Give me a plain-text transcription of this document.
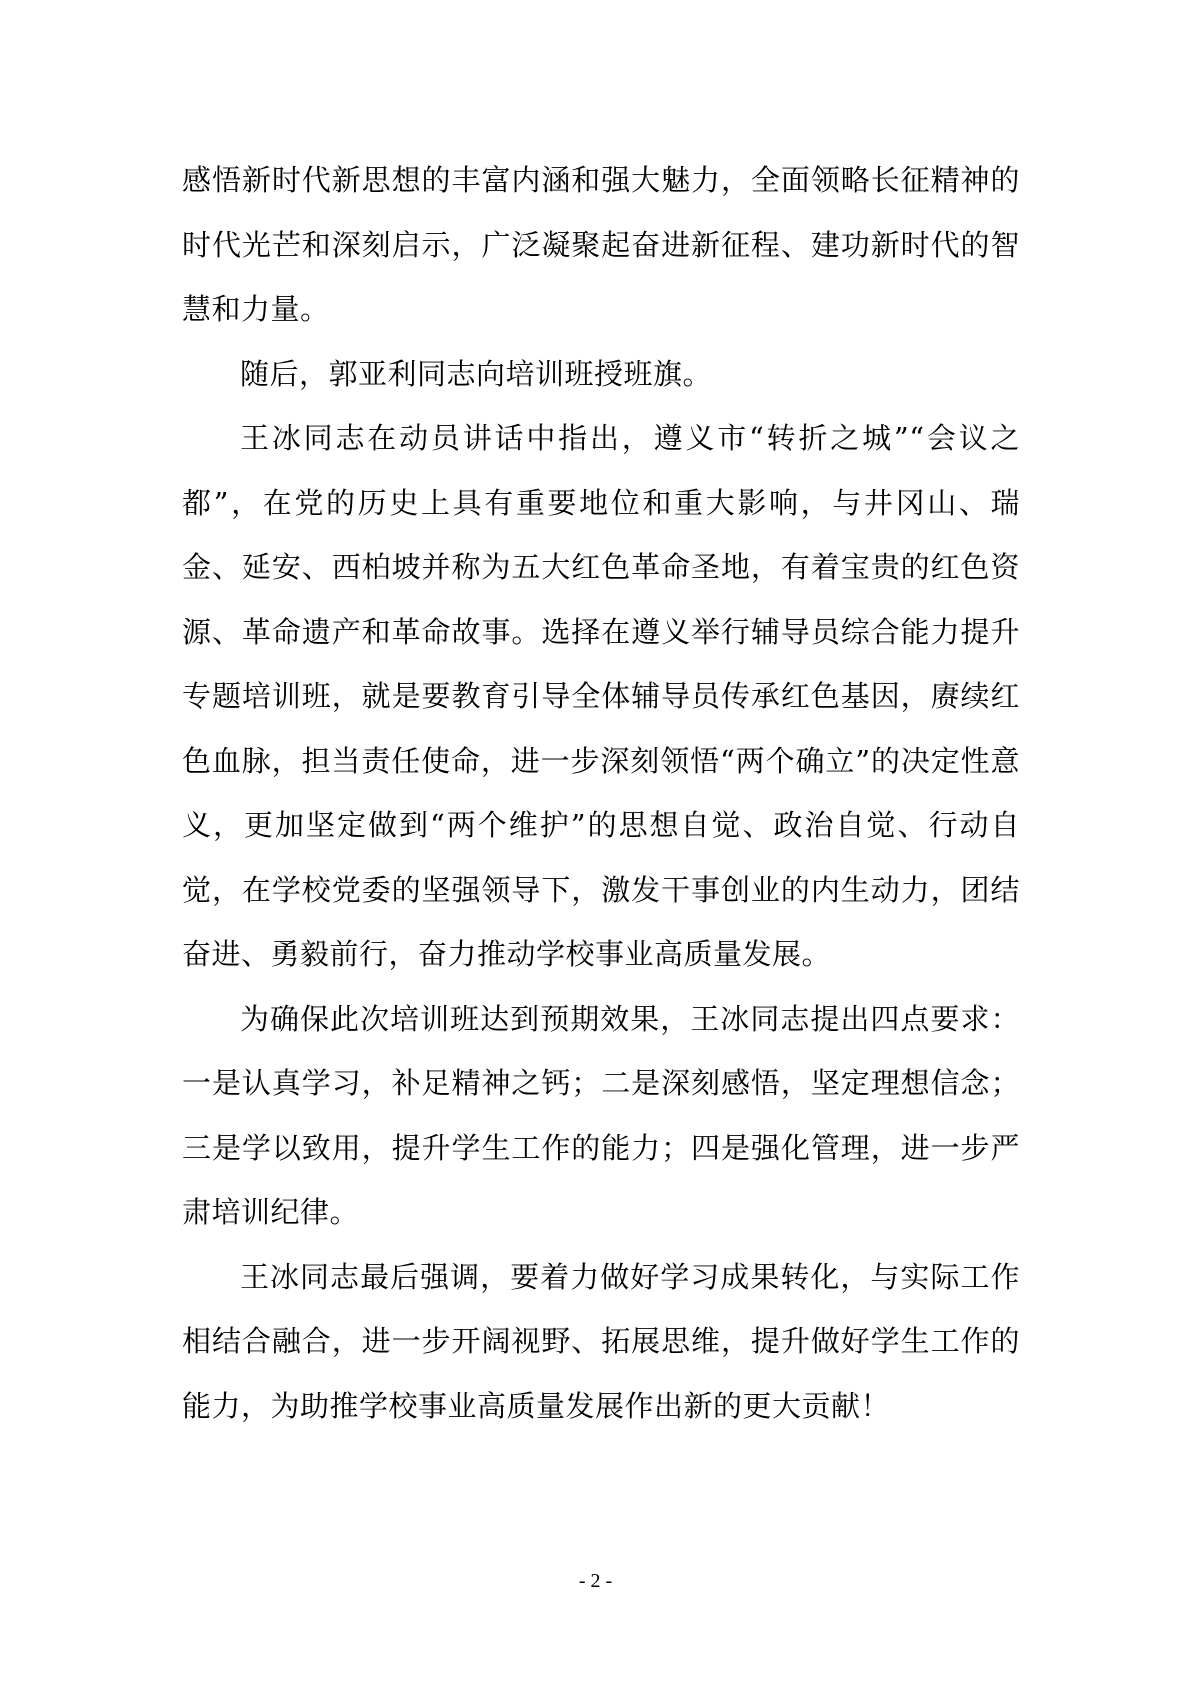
感悟新时代新思想的丰富内涵和强大魅力，全面领略长征精神的时代光芒和深刻启示，广泛凝聚起奋进新征程、建功新时代的智慧和力量。

随后，郭亚利同志向培训班授班旗。

王冰同志在动员讲话中指出，遵义市“转折之城”“会议之都”，在党的历史上具有重要地位和重大影响，与井冈山、瑞金、延安、西柏坡并称为五大红色革命圣地，有着宝贵的红色资源、革命遗产和革命故事。选择在遵义举行辅导员综合能力提升专题培训班，就是要教育引导全体辅导员传承红色基因，赓续红色血脉，担当责任使命，进一步深刻领悟“两个确立”的决定性意义，更加坚定做到“两个维护”的思想自觉、政治自觉、行动自觉，在学校党委的坚强领导下，激发干事创业的内生动力，团结奋进、勇毅前行，奋力推动学校事业高质量发展。

为确保此次培训班达到预期效果，王冰同志提出四点要求：一是认真学习，补足精神之钙；二是深刻感悟，坚定理想信念；三是学以致用，提升学生工作的能力；四是强化管理，进一步严肃培训纪律。

王冰同志最后强调，要着力做好学习成果转化，与实际工作相结合融合，进一步开阔视野、拓展思维，提升做好学生工作的能力，为助推学校事业高质量发展作出新的更大贡献！

- 2 -
